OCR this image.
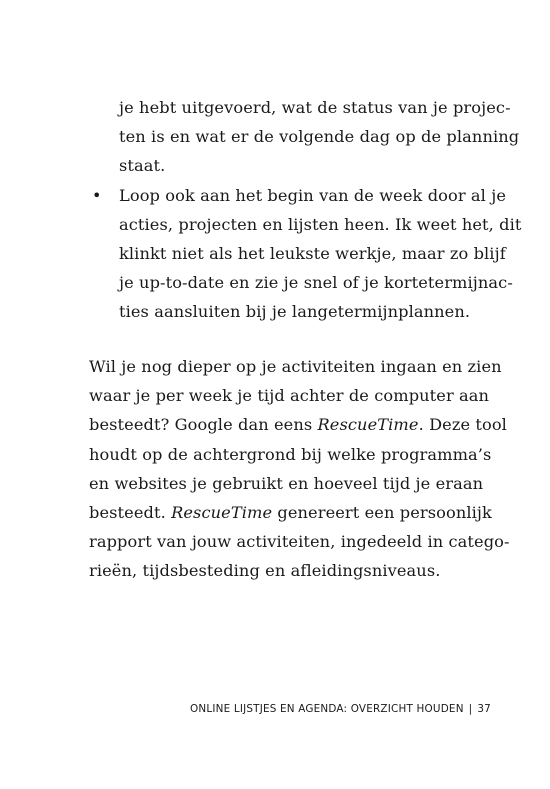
je hebt uitgevoerd, wat de status van je projec-
ten is en wat er de volgende dag op de planning
staat.
• Loop ook aan het begin van de week door al je
acties, projecten en lijsten heen. Ik weet het, dit
klinkt niet als het leukste werkje, maar zo blijf
je up-to-date en zie je snel of je kortetermijnac-
ties aansluiten bij je langetermijnplannen.
Wil je nog dieper op je activiteiten ingaan en zien
waar je per week je tijd achter de computer aan
besteedt? Google dan eens RescueTime. Deze tool
houdt op de achtergrond bij welke programma’s
en websites je gebruikt en hoeveel tijd je eraan
besteedt. RescueTime genereert een persoonlijk
rapport van jouw activiteiten, ingedeeld in catego-
rieën, tijdsbesteding en afleidingsniveaus.
ONLINE LIJSTJES EN AGENDA: OVERZICHT HOUDEN | 37
